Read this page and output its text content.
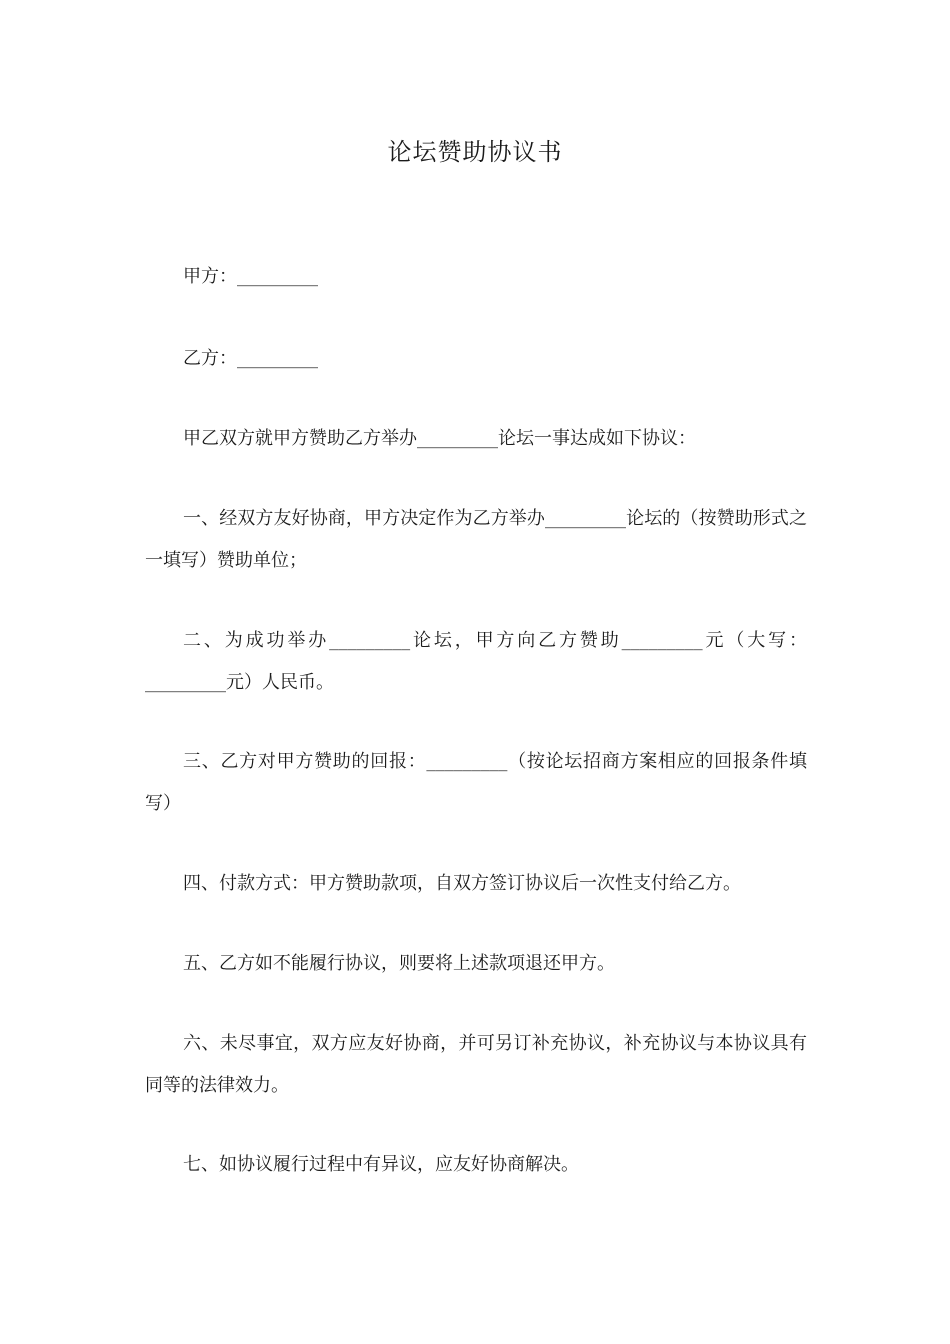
论坛赞助协议书
甲方：_________
乙方：_________
甲乙双方就甲方赞助乙方举办_________论坛一事达成如下协议：
一、经双方友好协商，甲方决定作为乙方举办_________论坛的（按赞助形式之一填写）赞助单位；
二、为成功举办_________论坛，甲方向乙方赞助_________元（大写：_________元）人民币。
三、乙方对甲方赞助的回报：_________（按论坛招商方案相应的回报条件填写）
四、付款方式：甲方赞助款项，自双方签订协议后一次性支付给乙方。
五、乙方如不能履行协议，则要将上述款项退还甲方。
六、未尽事宜，双方应友好协商，并可另订补充协议，补充协议与本协议具有同等的法律效力。
七、如协议履行过程中有异议，应友好协商解决。
